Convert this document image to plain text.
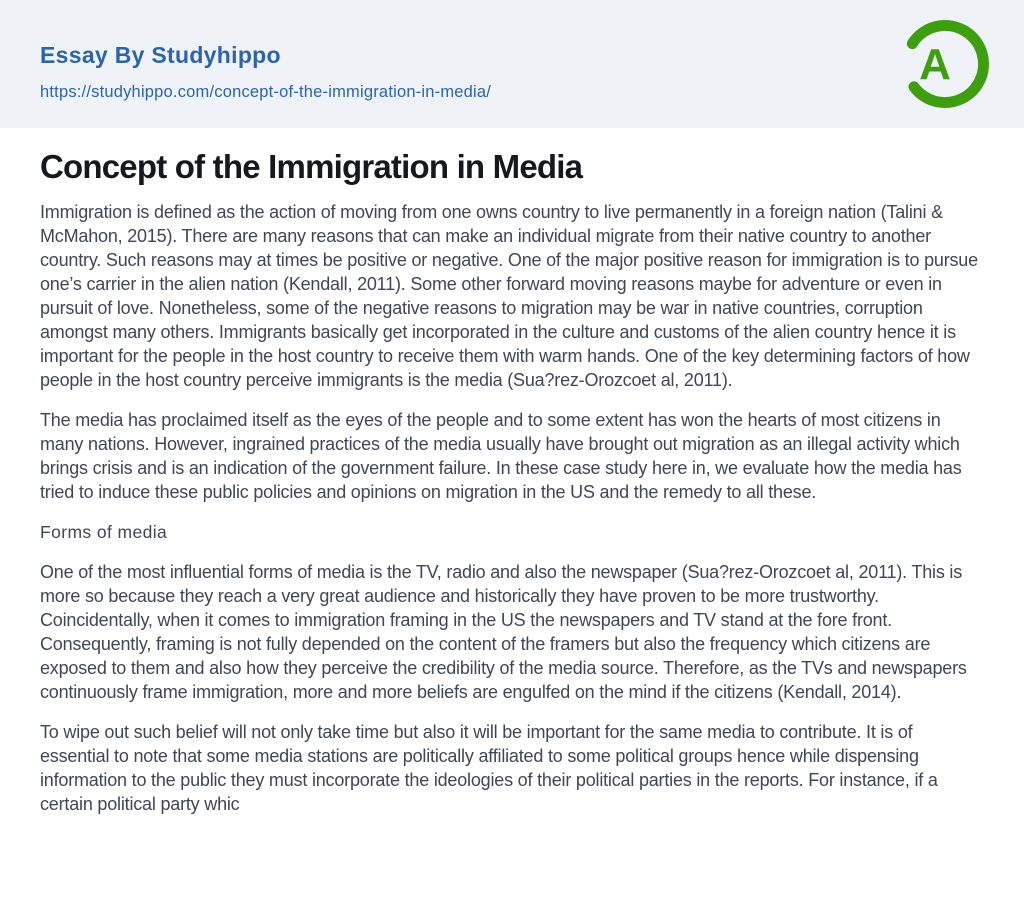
Essay By Studyhippo
https://studyhippo.com/concept-of-the-immigration-in-media/
A
Concept of the Immigration in Media

Immigration is defined as the action of moving from one owns country to live permanently in a foreign nation (Talini & McMahon, 2015). There are many reasons that can make an individual migrate from their native country to another country. Such reasons may at times be positive or negative. One of the major positive reason for immigration is to pursue one’s carrier in the alien nation (Kendall, 2011). Some other forward moving reasons maybe for adventure or even in pursuit of love. Nonetheless, some of the negative reasons to migration may be war in native countries, corruption amongst many others. Immigrants basically get incorporated in the culture and customs of the alien country hence it is important for the people in the host country to receive them with warm hands. One of the key determining factors of how people in the host country perceive immigrants is the media (Sua?rez-Orozcoet al, 2011).

The media has proclaimed itself as the eyes of the people and to some extent has won the hearts of most citizens in many nations. However, ingrained practices of the media usually have brought out migration as an illegal activity which brings crisis and is an indication of the government failure. In these case study here in, we evaluate how the media has tried to induce these public policies and opinions on migration in the US and the remedy to all these.

Forms of media

One of the most influential forms of media is the TV, radio and also the newspaper (Sua?rez-Orozcoet al, 2011). This is more so because they reach a very great audience and historically they have proven to be more trustworthy. Coincidentally, when it comes to immigration framing in the US the newspapers and TV stand at the fore front. Consequently, framing is not fully depended on the content of the framers but also the frequency which citizens are exposed to them and also how they perceive the credibility of the media source. Therefore, as the TVs and newspapers continuously frame immigration, more and more beliefs are engulfed on the mind if the citizens (Kendall, 2014).

To wipe out such belief will not only take time but also it will be important for the same media to contribute. It is of essential to note that some media stations are politically affiliated to some political groups hence while dispensing information to the public they must incorporate the ideologies of their political parties in the reports. For instance, if a certain political party whic
